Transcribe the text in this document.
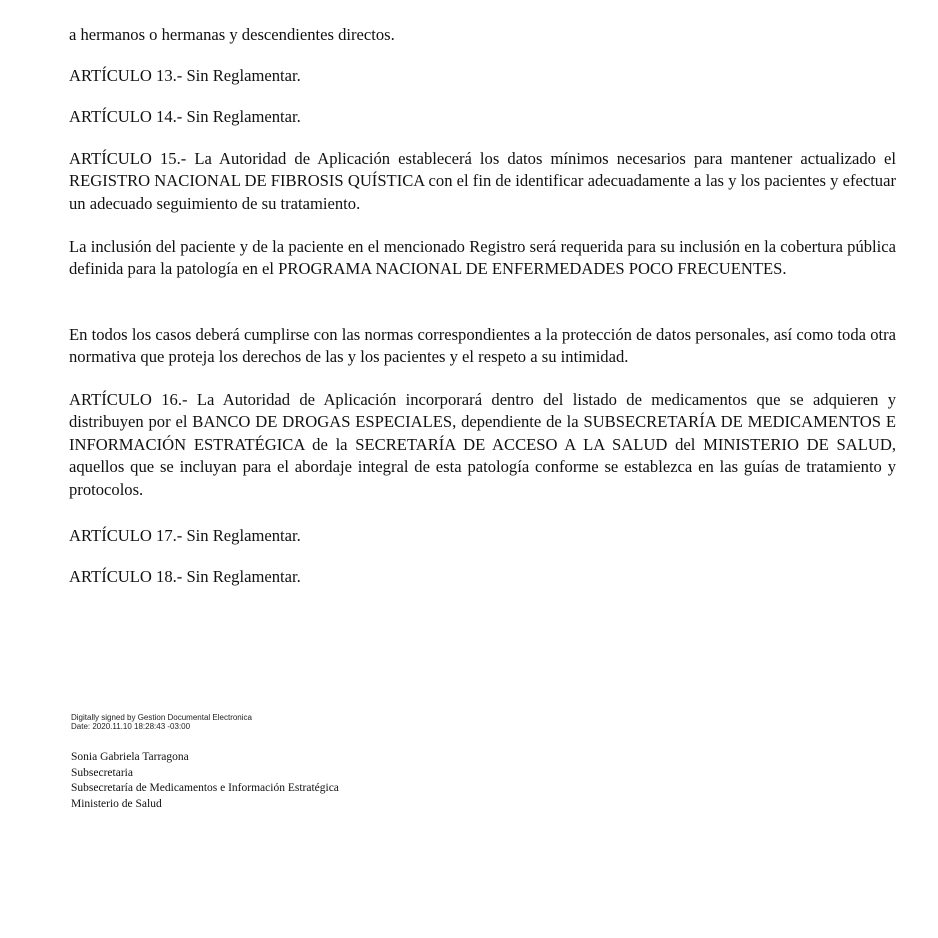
a hermanos o hermanas y descendientes directos.

ARTÍCULO 13.- Sin Reglamentar.

ARTÍCULO 14.- Sin Reglamentar.

ARTÍCULO 15.- La Autoridad de Aplicación establecerá los datos mínimos necesarios para mantener actualizado el REGISTRO NACIONAL DE FIBROSIS QUÍSTICA con el fin de identificar adecuadamente a las y los pacientes y efectuar un adecuado seguimiento de su tratamiento.

La inclusión del paciente y de la paciente en el mencionado Registro será requerida para su inclusión en la cobertura pública definida para la patología en el PROGRAMA NACIONAL DE ENFERMEDADES POCO FRECUENTES.

En todos los casos deberá cumplirse con las normas correspondientes a la protección de datos personales, así como toda otra normativa que proteja los derechos de las y los pacientes y el respeto a su intimidad.

ARTÍCULO 16.- La Autoridad de Aplicación incorporará dentro del listado de medicamentos que se adquieren y distribuyen por el BANCO DE DROGAS ESPECIALES, dependiente de la SUBSECRETARÍA DE MEDICAMENTOS E INFORMACIÓN ESTRATÉGICA de la SECRETARÍA DE ACCESO A LA SALUD del MINISTERIO DE SALUD, aquellos que se incluyan para el abordaje integral de esta patología conforme se establezca en las guías de tratamiento y protocolos.

ARTÍCULO 17.- Sin Reglamentar.

ARTÍCULO 18.- Sin Reglamentar.

Digitally signed by Gestion Documental Electronica
Date: 2020.11.10 18:28:43 -03:00
Sonia Gabriela Tarragona
Subsecretaria
Subsecretaría de Medicamentos e Información Estratégica
Ministerio de Salud
